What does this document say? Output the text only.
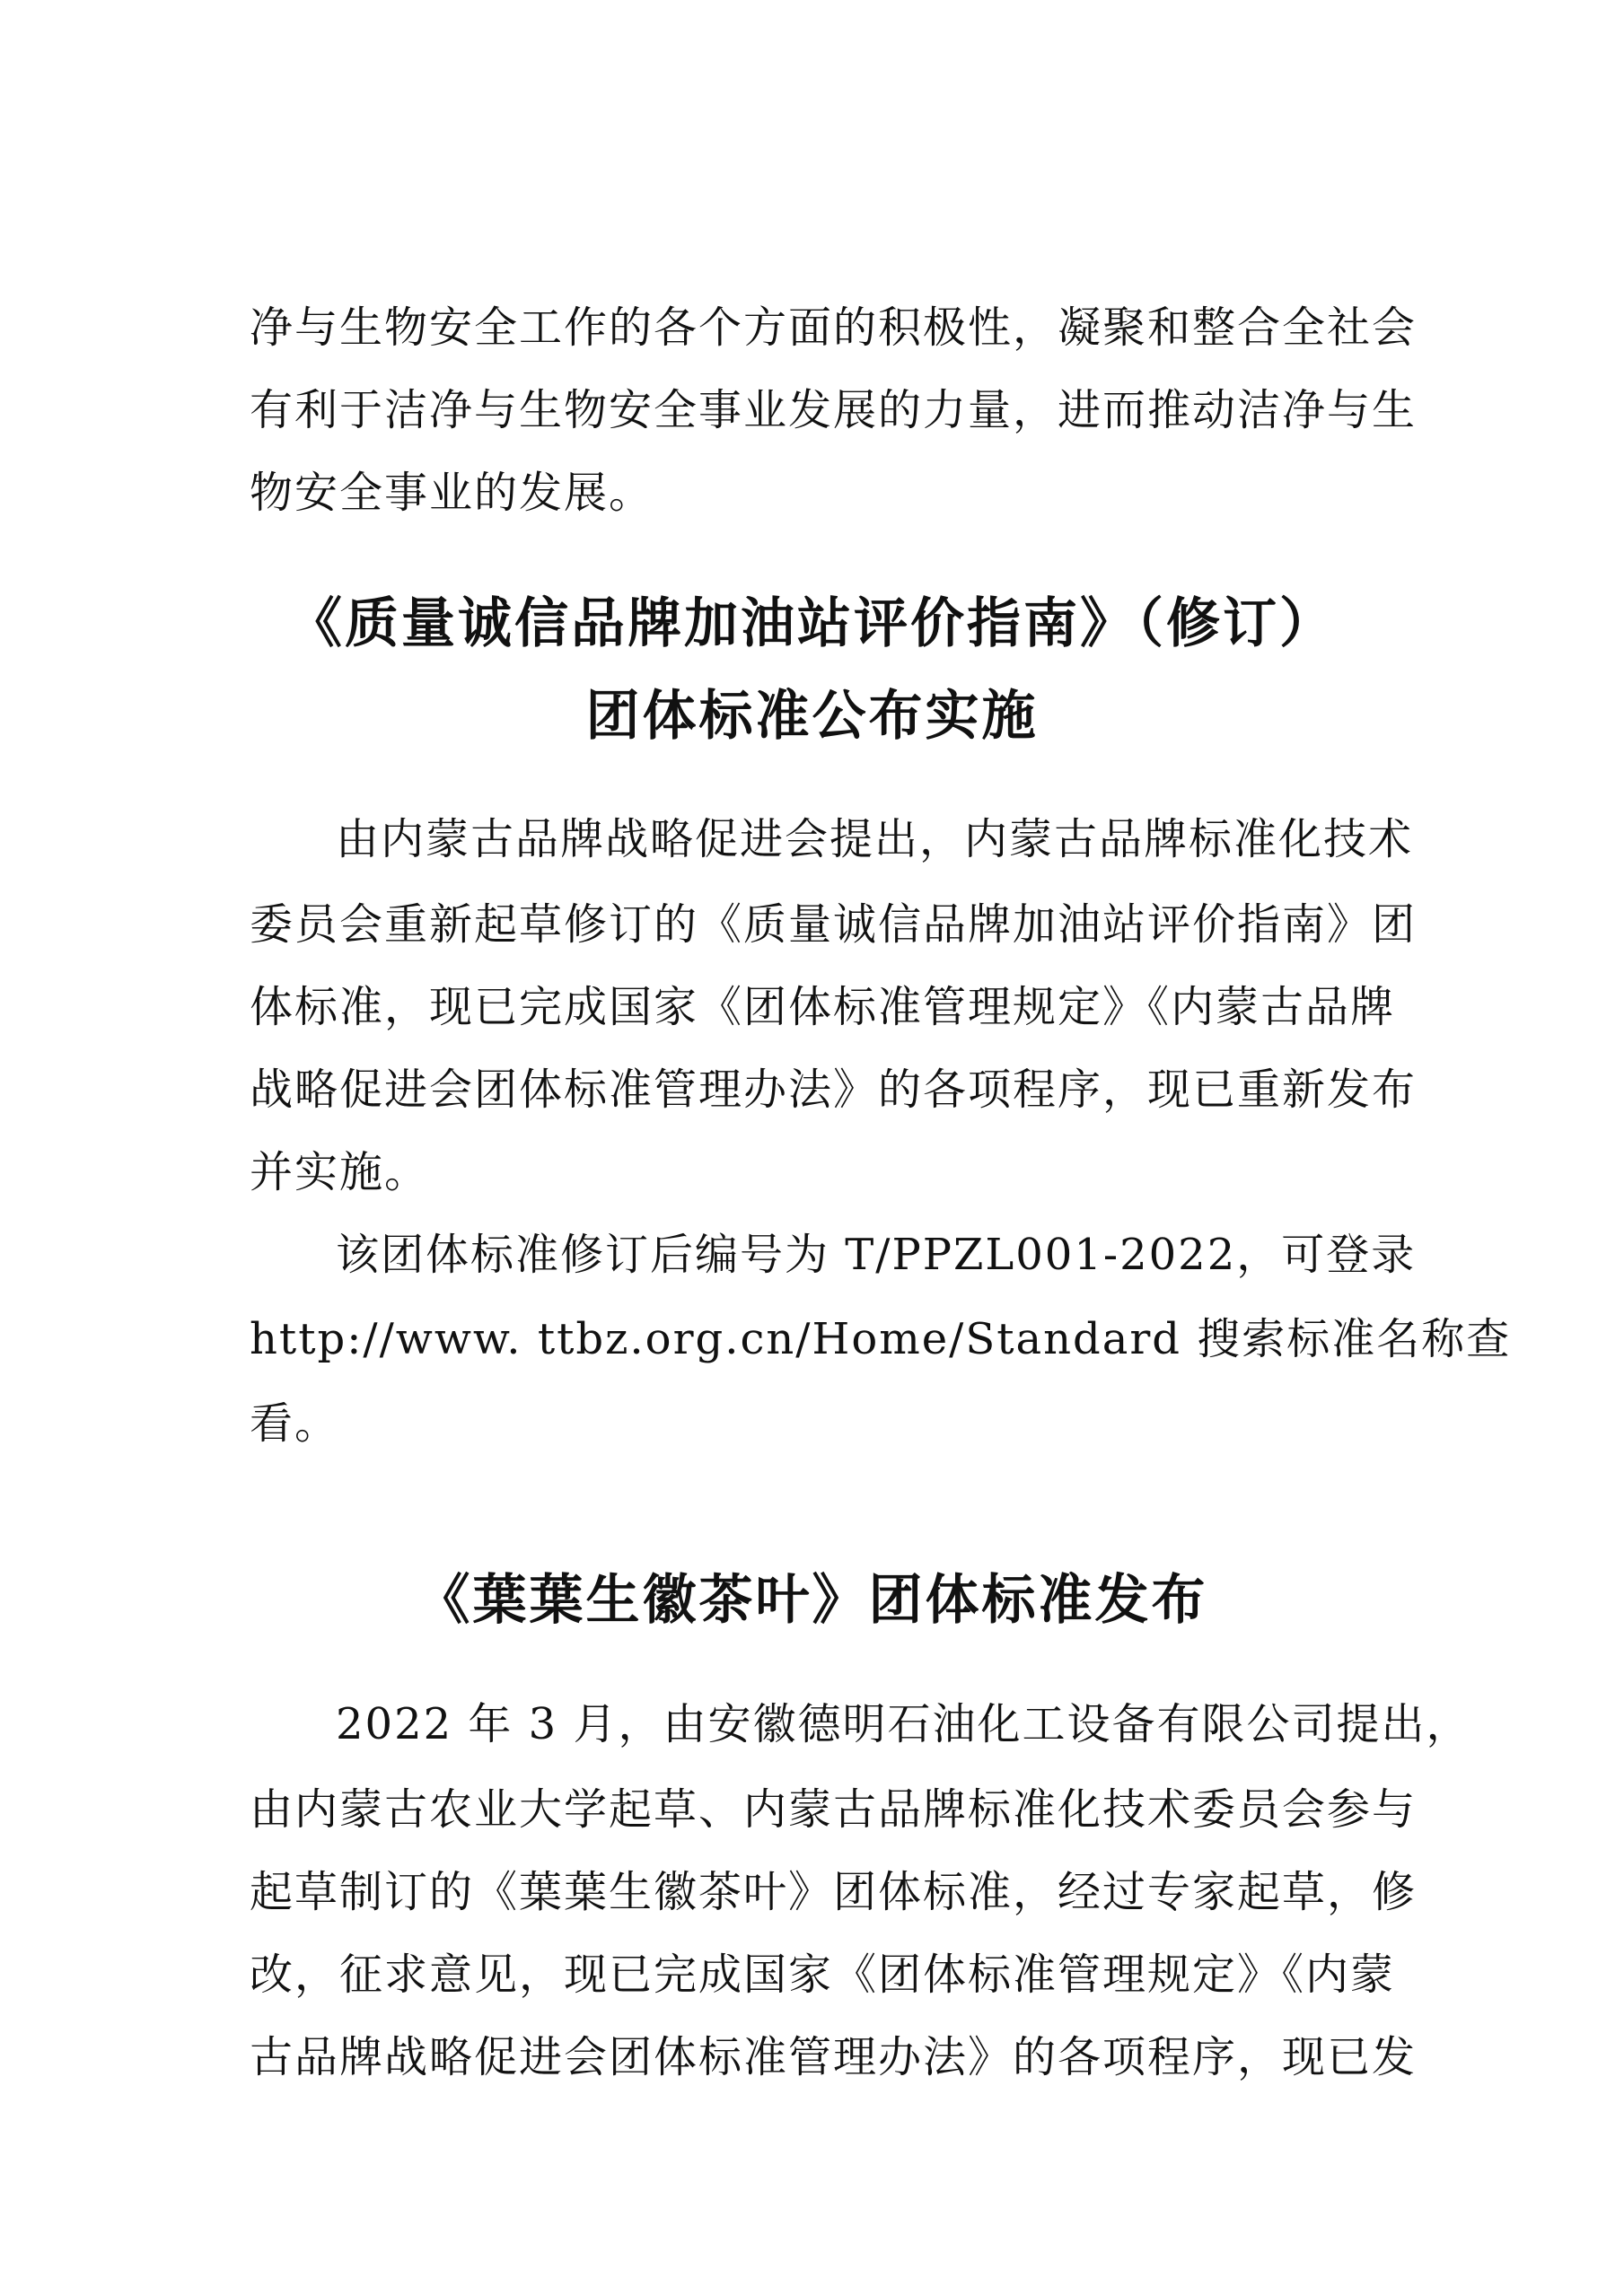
净与生物安全工作的各个方面的积极性，凝聚和整合全社会
有利于洁净与生物安全事业发展的力量，进而推动洁净与生
物安全事业的发展。
《质量诚信品牌加油站评价指南》（修订）
团体标准公布实施
由内蒙古品牌战略促进会提出，内蒙古品牌标准化技术
委员会重新起草修订的《质量诚信品牌加油站评价指南》团
体标准，现已完成国家《团体标准管理规定》《内蒙古品牌
战略促进会团体标准管理办法》的各项程序，现已重新发布
并实施。
该团体标准修订后编号为 T/PPZL001-2022，可登录
http://www. ttbz.org.cn/Home/Standard 搜索标准名称查
看。
《葉葉生徽茶叶》团体标准发布
2022 年 3 月，由安徽德明石油化工设备有限公司提出，
由内蒙古农业大学起草、内蒙古品牌标准化技术委员会参与
起草制订的《葉葉生徽茶叶》团体标准，经过专家起草，修
改，征求意见，现已完成国家《团体标准管理规定》《内蒙
古品牌战略促进会团体标准管理办法》的各项程序，现已发
